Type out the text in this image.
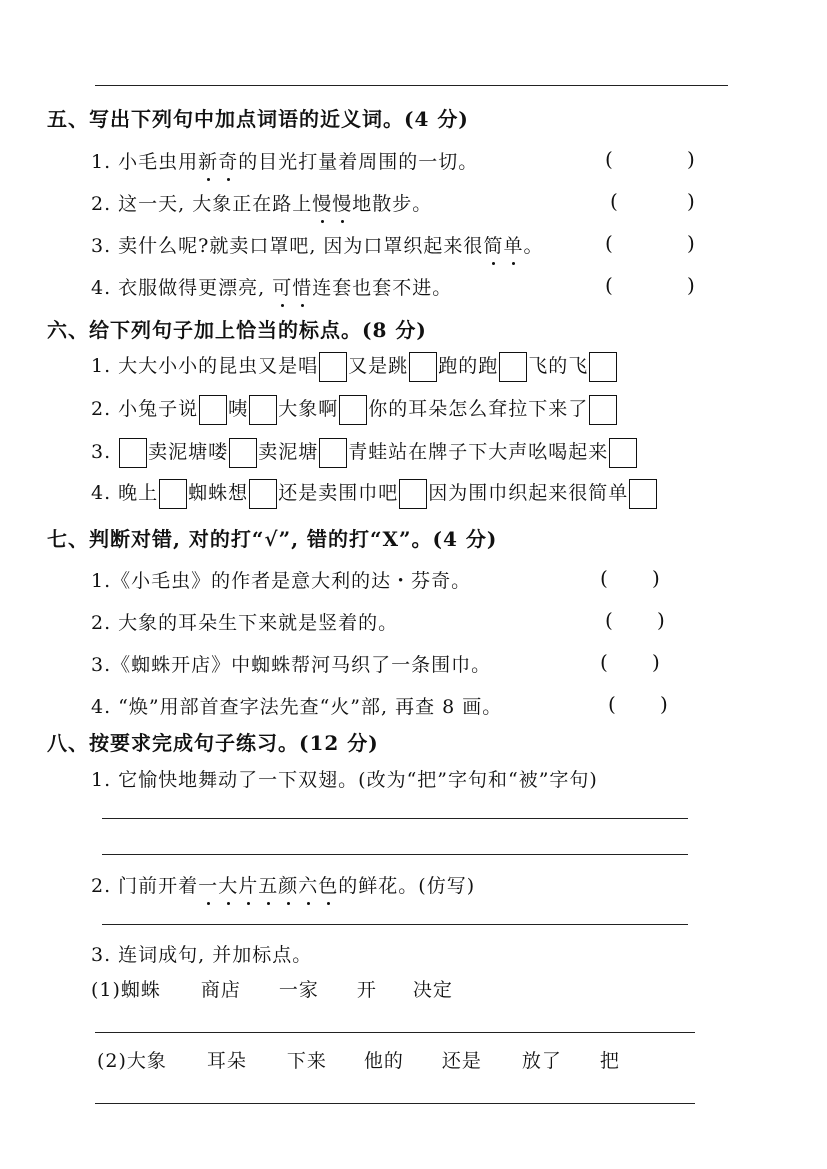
五、写出下列句中加点词语的近义词。(4 分)
1. 小毛虫用新奇的目光打量着周围的一切。	(	)
2. 这一天, 大象正在路上慢慢地散步。	(	)
3. 卖什么呢?就卖口罩吧, 因为口罩织起来很简单。	(	)
4. 衣服做得更漂亮, 可惜连套也套不进。	(	)
六、给下列句子加上恰当的标点。(8 分)
1. 大大小小的昆虫又是唱 又是跳 跑的跑 飞的飞
2. 小兔子说 咦 大象啊 你的耳朵怎么耷拉下来了
3. 卖泥塘喽 卖泥塘 青蛙站在牌子下大声吆喝起来
4. 晚上 蜘蛛想 还是卖围巾吧 因为围巾织起来很简单
七、判断对错, 对的打“√”, 错的打“X”。(4 分)
1.《小毛虫》的作者是意大利的达・芬奇。	( )
2. 大象的耳朵生下来就是竖着的。	( )
3.《蜘蛛开店》中蜘蛛帮河马织了一条围巾。	( )
4. “焕”用部首查字法先查“火”部, 再查 8 画。	( )
八、按要求完成句子练习。(12 分)
1. 它愉快地舞动了一下双翅。(改为“把”字句和“被”字句)
2. 门前开着一大片五颜六色的鲜花。(仿写)
3. 连词成句, 并加标点。
(1)蜘蛛 商店 一家 开 决定
(2)大象 耳朵 下来 他的 还是 放了 把
